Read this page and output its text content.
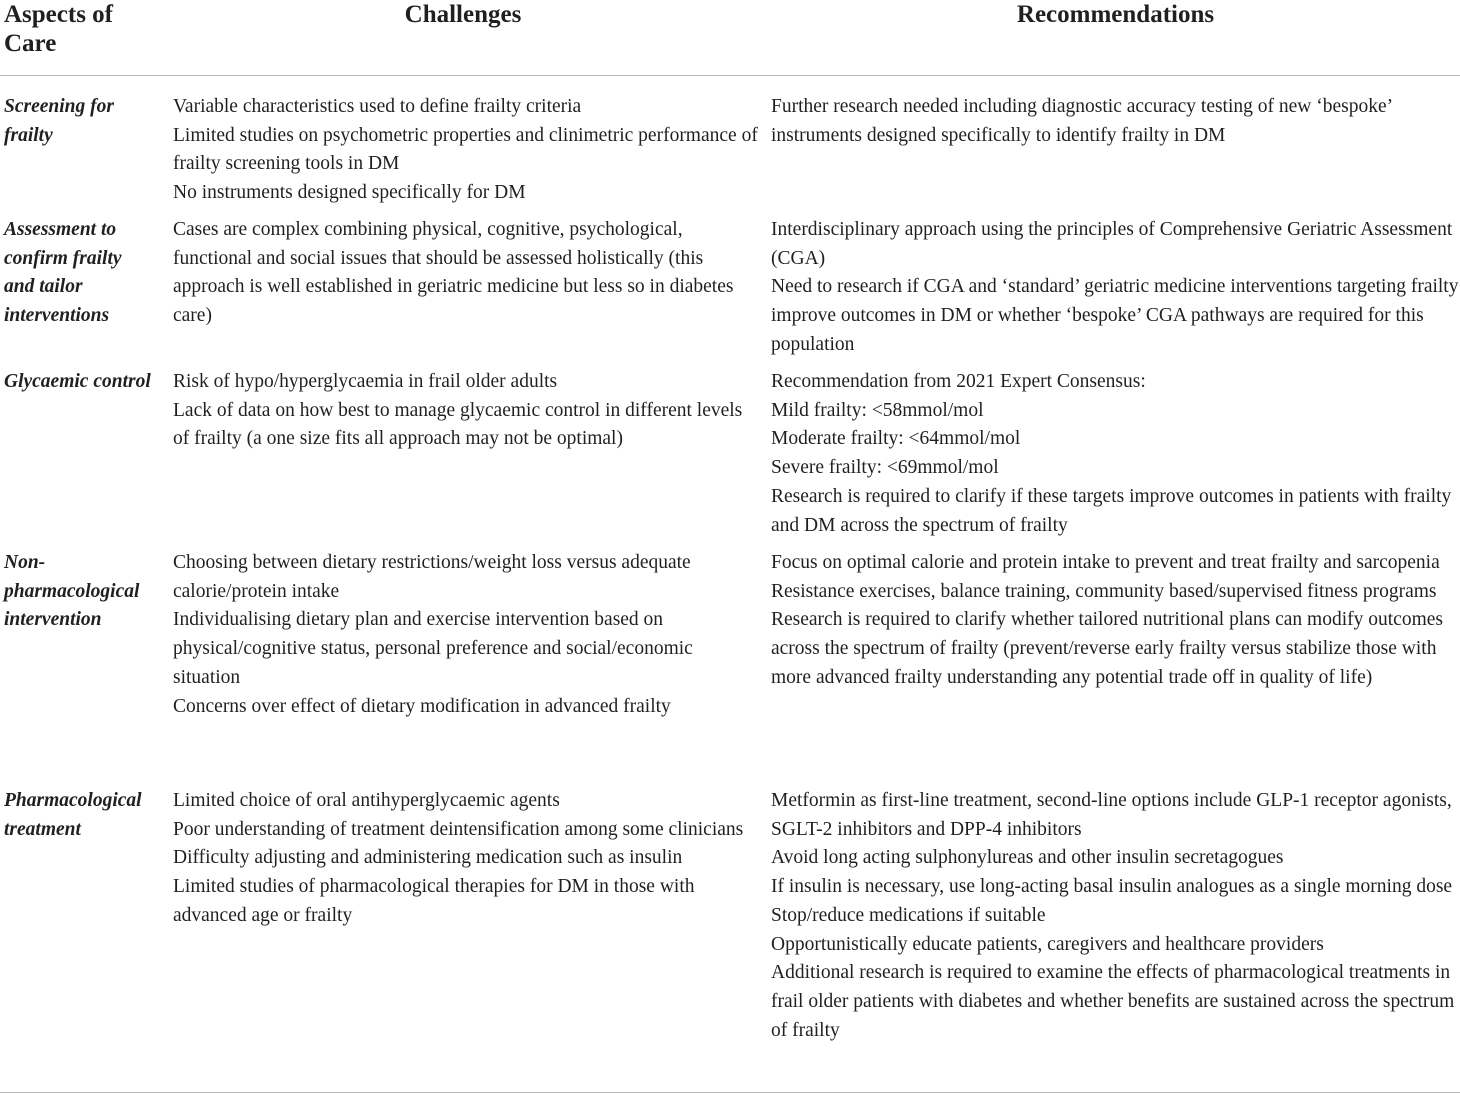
Aspects of Care
Challenges	Recommendations
Screening for frailty
Variable characteristics used to define frailty criteria
Limited studies on psychometric properties and clinimetric performance of frailty screening tools in DM
No instruments designed specifically for DM
Further research needed including diagnostic accuracy testing of new ‘bespoke’ instruments designed specifically to identify frailty in DM
Assessment to confirm frailty and tailor interventions
Cases are complex combining physical, cognitive, psychological, functional and social issues that should be assessed holistically (this approach is well established in geriatric medicine but less so in diabetes care)
Interdisciplinary approach using the principles of Comprehensive Geriatric Assessment (CGA)
Need to research if CGA and ‘standard’ geriatric medicine interventions targeting frailty improve outcomes in DM or whether ‘bespoke’ CGA pathways are required for this population
Glycaemic control Risk of hypo/hyperglycaemia in frail older adults
Lack of data on how best to manage glycaemic control in different levels of frailty (a one size fits all approach may not be optimal)
Recommendation from 2021 Expert Consensus:
Mild frailty: <58mmol/mol
Moderate frailty: <64mmol/mol
Severe frailty: <69mmol/mol
Research is required to clarify if these targets improve outcomes in patients with frailty and DM across the spectrum of frailty
Non-pharmacological intervention
Choosing between dietary restrictions/weight loss versus adequate calorie/protein intake
Individualising dietary plan and exercise intervention based on physical/cognitive status, personal preference and social/economic situation
Concerns over effect of dietary modification in advanced frailty
Focus on optimal calorie and protein intake to prevent and treat frailty and sarcopenia
Resistance exercises, balance training, community based/supervised fitness programs
Research is required to clarify whether tailored nutritional plans can modify outcomes across the spectrum of frailty (prevent/reverse early frailty versus stabilize those with more advanced frailty understanding any potential trade off in quality of life)
Pharmacological treatment
Limited choice of oral antihyperglycaemic agents
Poor understanding of treatment deintensification among some clinicians
Difficulty adjusting and administering medication such as insulin
Limited studies of pharmacological therapies for DM in those with advanced age or frailty
Metformin as first-line treatment, second-line options include GLP-1 receptor agonists, SGLT-2 inhibitors and DPP-4 inhibitors
Avoid long acting sulphonylureas and other insulin secretagogues
If insulin is necessary, use long-acting basal insulin analogues as a single morning dose
Stop/reduce medications if suitable
Opportunistically educate patients, caregivers and healthcare providers
Additional research is required to examine the effects of pharmacological treatments in frail older patients with diabetes and whether benefits are sustained across the spectrum of frailty
